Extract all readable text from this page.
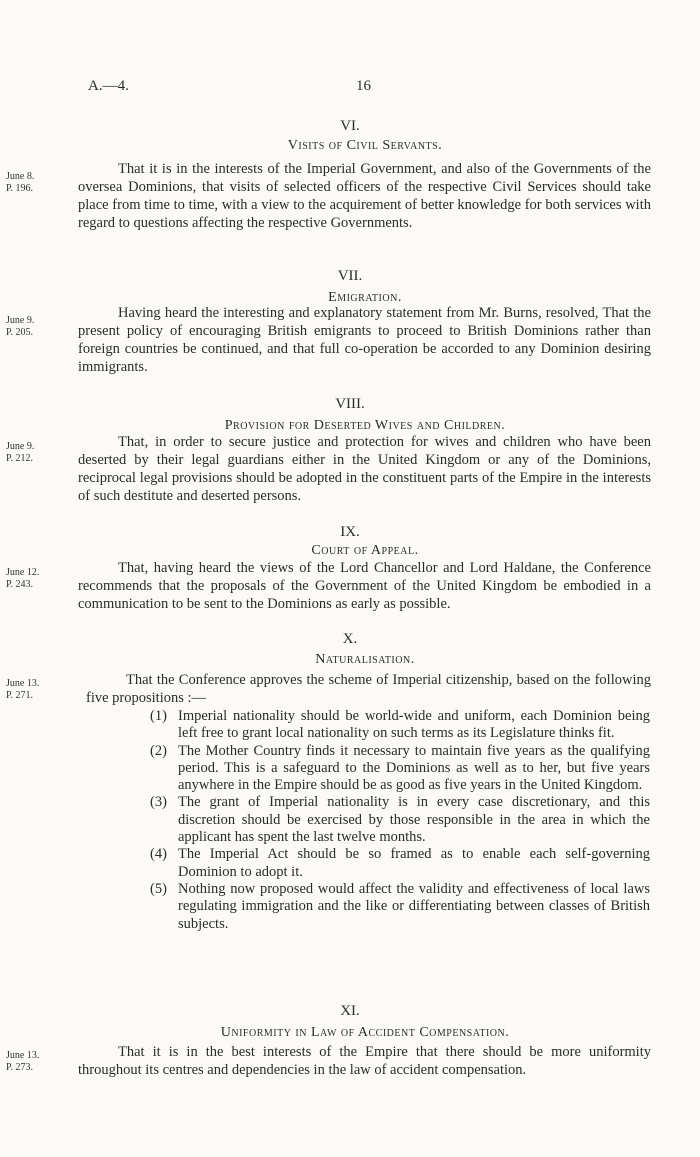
A.—4.	16
VI.
Visits of Civil Servants.
June 8.
P. 196.
That it is in the interests of the Imperial Government, and also of the Governments of the oversea Dominions, that visits of selected officers of the respective Civil Services should take place from time to time, with a view to the acquirement of better knowledge for both services with regard to questions affecting the respective Governments.
VII.
Emigration.
June 9.
P. 205.
Having heard the interesting and explanatory statement from Mr. Burns, resolved, That the present policy of encouraging British emigrants to proceed to British Dominions rather than foreign countries be continued, and that full co-operation be accorded to any Dominion desiring immigrants.
VIII.
Provision for Deserted Wives and Children.
June 9.
P. 212.
That, in order to secure justice and protection for wives and children who have been deserted by their legal guardians either in the United Kingdom or any of the Dominions, reciprocal legal provisions should be adopted in the constituent parts of the Empire in the interests of such destitute and deserted persons.
IX.
Court of Appeal.
June 12.
P. 243.
That, having heard the views of the Lord Chancellor and Lord Haldane, the Conference recommends that the proposals of the Government of the United Kingdom be embodied in a communication to be sent to the Dominions as early as possible.
X.
Naturalisation.
June 13.
P. 271.
That the Conference approves the scheme of Imperial citizenship, based on the following five propositions :—
(1) Imperial nationality should be world-wide and uniform, each Dominion being left free to grant local nationality on such terms as its Legislature thinks fit.
(2) The Mother Country finds it necessary to maintain five years as the qualifying period. This is a safeguard to the Dominions as well as to her, but five years anywhere in the Empire should be as good as five years in the United Kingdom.
(3) The grant of Imperial nationality is in every case discretionary, and this discretion should be exercised by those responsible in the area in which the applicant has spent the last twelve months.
(4) The Imperial Act should be so framed as to enable each self-governing Dominion to adopt it.
(5) Nothing now proposed would affect the validity and effectiveness of local laws regulating immigration and the like or differentiating between classes of British subjects.
XI.
Uniformity in Law of Accident Compensation.
June 13.
P. 273.
That it is in the best interests of the Empire that there should be more uniformity throughout its centres and dependencies in the law of accident compensation.
